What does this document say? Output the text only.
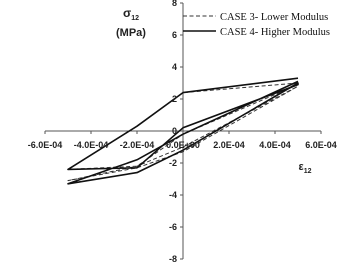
-6.0E-04 -4.0E-04 -2.0E-04 0.0E+00 2.0E-04 4.0E-04 6.0E-04
-8
-6
-4
-2
0
2
4
6
8
$\sigma_{12}$
(MPa)
$\varepsilon_{12}$
CASE 3- Lower Modulus
CASE 4- Higher Modulus
